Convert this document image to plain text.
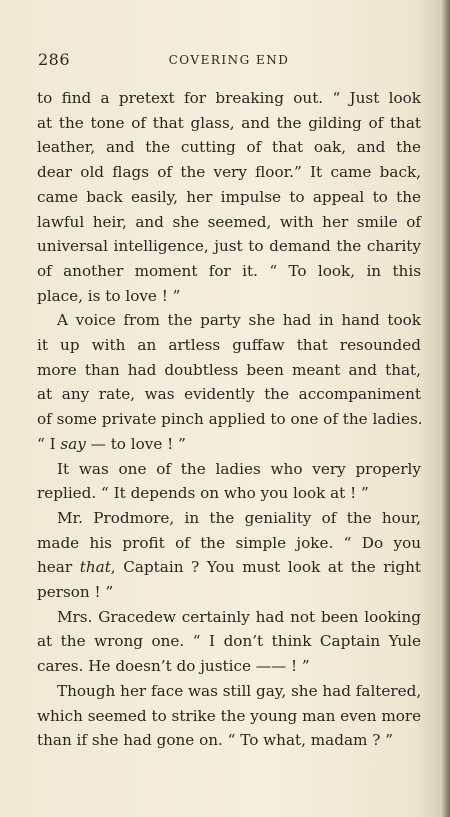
286	COVERING END
to find a pretext for breaking out. “ Just look
at the tone of that glass, and the gilding of that
leather, and the cutting of that oak, and the
dear old flags of the very floor.” It came back,
came back easily, her impulse to appeal to the
lawful heir, and she seemed, with her smile of
universal intelligence, just to demand the charity
of another moment for it. “ To look, in this
place, is to love ! ”
A voice from the party she had in hand took
it up with an artless guffaw that resounded
more than had doubtless been meant and that,
at any rate, was evidently the accompaniment
of some private pinch applied to one of the ladies.
“ I say — to love ! ”
It was one of the ladies who very properly
replied. “ It depends on who you look at ! ”
Mr. Prodmore, in the geniality of the hour,
made his profit of the simple joke. “ Do you
hear that, Captain ? You must look at the right
person ! ”
Mrs. Gracedew certainly had not been looking
at the wrong one. “ I don’t think Captain Yule
cares. He doesn’t do justice —— ! ”
Though her face was still gay, she had faltered,
which seemed to strike the young man even more
than if she had gone on. “ To what, madam ? ”
